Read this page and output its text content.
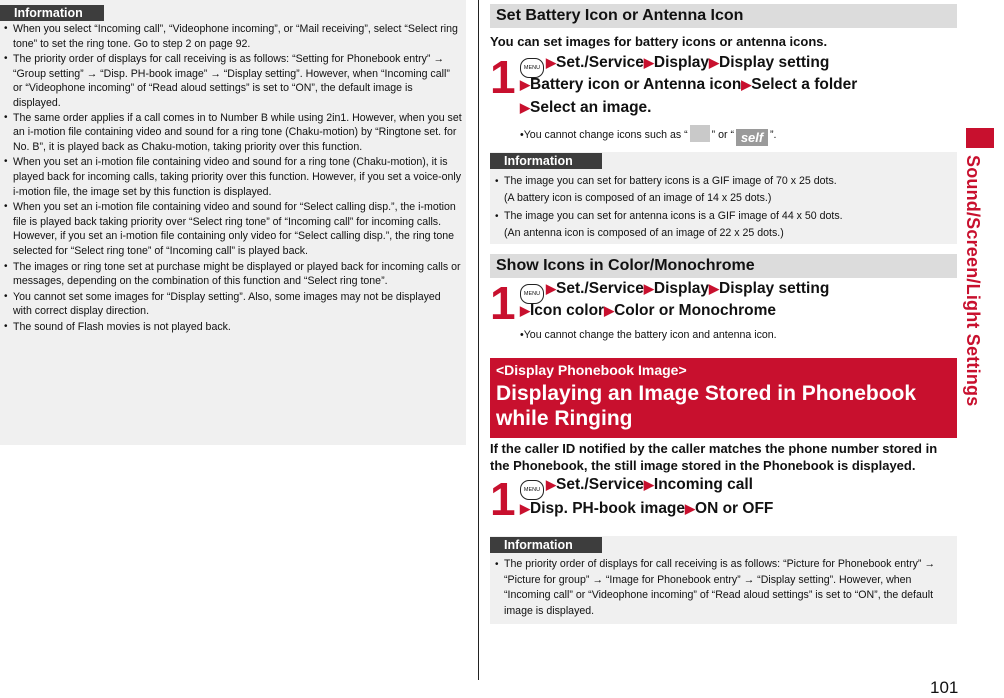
Information
• When you select “Incoming call”, “Videophone incoming”, or “Mail receiving”, select “Select ring tone” to set the ring tone. Go to step 2 on page 92.
• The priority order of displays for call receiving is as follows: “Setting for Phonebook entry” → “Group setting” → “Disp. PH-book image” → “Display setting”. However, when “Incoming call” or “Videophone incoming” of “Read aloud settings” is set to “ON”, the default image is displayed.
• The same order applies if a call comes in to Number B while using 2in1. However, when you set an i-motion file containing video and sound for a ring tone (Chaku-motion) by “Ringtone set. for No. B”, it is played back as Chaku-motion, taking priority over this function.
• When you set an i-motion file containing video and sound for a ring tone (Chaku-motion), it is played back for incoming calls, taking priority over this function. However, if you set a voice-only i-motion file, the image set by this function is displayed.
• When you set an i-motion file containing video and sound for “Select calling disp.”, the i-motion file is played back taking priority over “Select ring tone” of “Incoming call” for incoming calls. However, if you set an i-motion file containing only video for “Select calling disp.”, the ring tone selected for “Select ring tone” of “Incoming call” is played back.
• The images or ring tone set at purchase might be displayed or played back for incoming calls or messages, depending on the combination of this function and “Select ring tone”.
• You cannot set some images for “Display setting”. Also, some images may not be displayed with correct display direction.
• The sound of Flash movies is not played back.
Set Battery Icon or Antenna Icon
You can set images for battery icons or antenna icons.
1	MENU ▶Set./Service▶Display▶Display setting
▶Battery icon or Antenna icon▶Select a folder
▶Select an image.
•You cannot change icons such as “ ” or “ self ”.
Information
• The image you can set for battery icons is a GIF image of 70 x 25 dots.
(A battery icon is composed of an image of 14 x 25 dots.)
• The image you can set for antenna icons is a GIF image of 44 x 50 dots.
(An antenna icon is composed of an image of 22 x 25 dots.)
Show Icons in Color/Monochrome
1	MENU ▶Set./Service▶Display▶Display setting
▶Icon color▶Color or Monochrome
•You cannot change the battery icon and antenna icon.
<Display Phonebook Image>
Displaying an Image Stored in Phonebook while Ringing
If the caller ID notified by the caller matches the phone number stored in the Phonebook, the still image stored in the Phonebook is displayed.
1	MENU ▶Set./Service▶Incoming call
▶Disp. PH-book image▶ON or OFF
Information
• The priority order of displays for call receiving is as follows: “Picture for Phonebook entry” → “Picture for group” → “Image for Phonebook entry” → “Display setting”. However, when “Incoming call” or “Videophone incoming” of “Read aloud settings” is set to “ON”, the default image is displayed.
Sound/Screen/Light Settings
101
